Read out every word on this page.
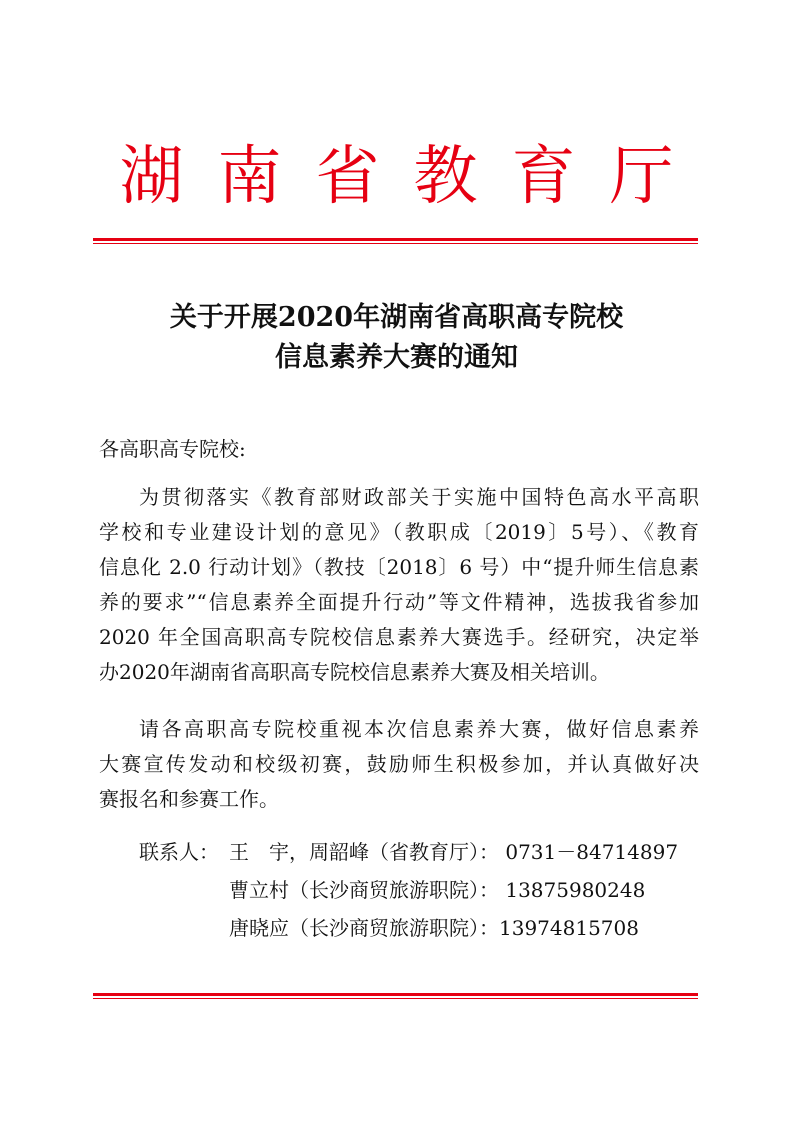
湖南省教育厅
关于开展2020年湖南省高职高专院校
信息素养大赛的通知
各高职高专院校:
为贯彻落实《教育部财政部关于实施中国特色高水平高职
学校和专业建设计划的意见》（教职成〔2019〕5号）、《教育
信息化 2.0 行动计划》（教技〔2018〕6 号）中“提升师生信息素
养的要求”“信息素养全面提升行动”等文件精神，选拔我省参加
2020 年全国高职高专院校信息素养大赛选手。经研究，决定举
办2020年湖南省高职高专院校信息素养大赛及相关培训。
请各高职高专院校重视本次信息素养大赛，做好信息素养
大赛宣传发动和校级初赛，鼓励师生积极参加，并认真做好决
赛报名和参赛工作。
联系人： 王　宇，周韶峰（省教育厅）： 0731－84714897
曹立村（长沙商贸旅游职院）： 13875980248
唐晓应（长沙商贸旅游职院）：13974815708
